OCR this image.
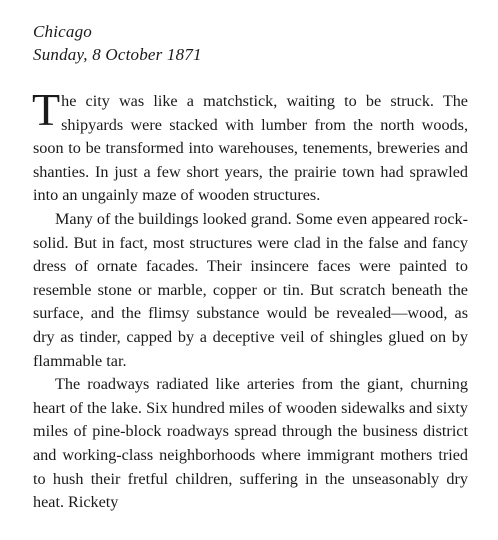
Chicago
Sunday, 8 October 1871

The city was like a matchstick, waiting to be struck. The shipyards were stacked with lumber from the north woods, soon to be transformed into warehouses, tenements, breweries and shanties. In just a few short years, the prairie town had sprawled into an ungainly maze of wooden structures.

Many of the buildings looked grand. Some even appeared rock-solid. But in fact, most structures were clad in the false and fancy dress of ornate facades. Their insincere faces were painted to resemble stone or marble, copper or tin. But scratch beneath the surface, and the flimsy substance would be revealed—wood, as dry as tinder, capped by a deceptive veil of shingles glued on by flammable tar.

The roadways radiated like arteries from the giant, churning heart of the lake. Six hundred miles of wooden sidewalks and sixty miles of pine-block roadways spread through the business district and working-class neighborhoods where immigrant mothers tried to hush their fretful children, suffering in the unseasonably dry heat. Rickety
